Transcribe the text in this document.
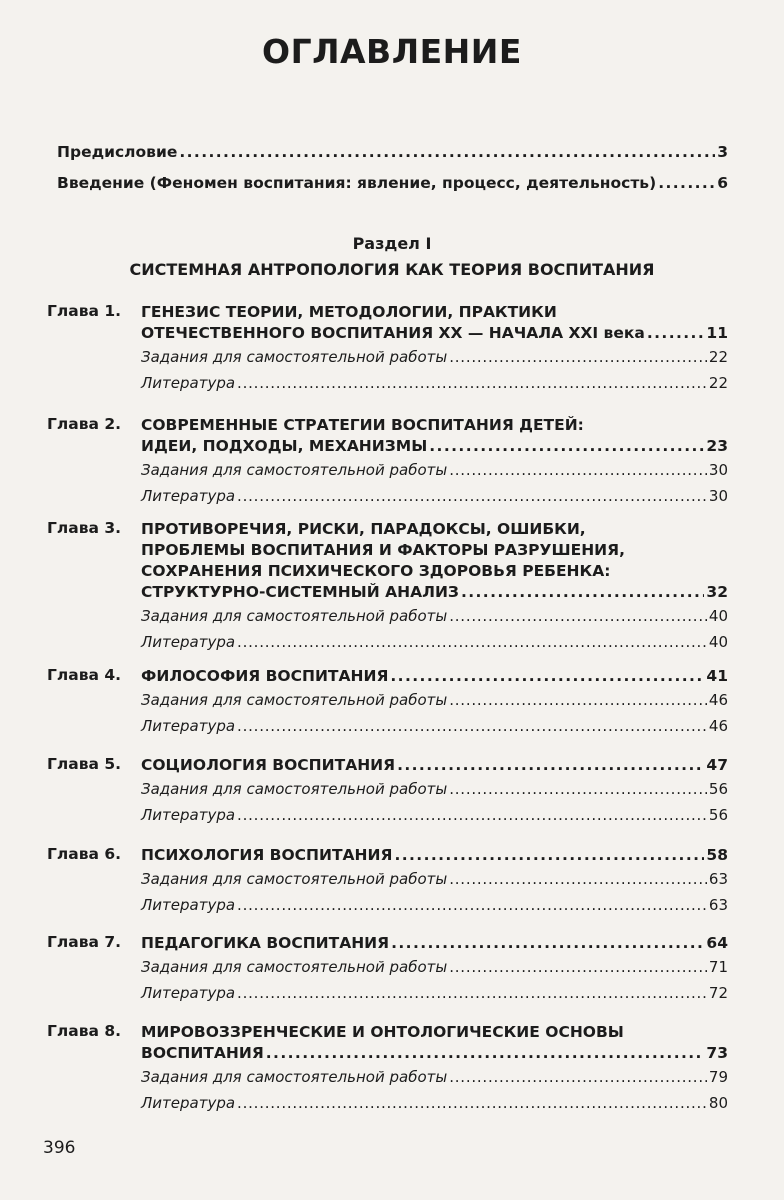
ОГЛАВЛЕНИЕ
Предисловие . . .	3
Введение (Феномен воспитания: явление, процесс, деятельность) . . .	6
Раздел I
СИСТЕМНАЯ АНТРОПОЛОГИЯ КАК ТЕОРИЯ ВОСПИТАНИЯ
Глава 1. ГЕНЕЗИС ТЕОРИИ, МЕТОДОЛОГИИ, ПРАКТИКИ
ОТЕЧЕСТВЕННОГО ВОСПИТАНИЯ XX — НАЧАЛА XXI века . . .	11
Задания для самостоятельной работы . . .	22
Литература . . .	22
Глава 2. СОВРЕМЕННЫЕ СТРАТЕГИИ ВОСПИТАНИЯ ДЕТЕЙ:
ИДЕИ, ПОДХОДЫ, МЕХАНИЗМЫ . . .	23
Задания для самостоятельной работы . . .	30
Литература . . .	30
Глава 3. ПРОТИВОРЕЧИЯ, РИСКИ, ПАРАДОКСЫ, ОШИБКИ,
ПРОБЛЕМЫ ВОСПИТАНИЯ И ФАКТОРЫ РАЗРУШЕНИЯ,
СОХРАНЕНИЯ ПСИХИЧЕСКОГО ЗДОРОВЬЯ РЕБЕНКА:
СТРУКТУРНО-СИСТЕМНЫЙ АНАЛИЗ . . .	32
Задания для самостоятельной работы . . .	40
Литература . . .	40
Глава 4. ФИЛОСОФИЯ ВОСПИТАНИЯ . . .	41
Задания для самостоятельной работы . . .	46
Литература . . .	46
Глава 5. СОЦИОЛОГИЯ ВОСПИТАНИЯ . . .	47
Задания для самостоятельной работы . . .	56
Литература . . .	56
Глава 6. ПСИХОЛОГИЯ ВОСПИТАНИЯ . . .	58
Задания для самостоятельной работы . . .	63
Литература . . .	63
Глава 7. ПЕДАГОГИКА ВОСПИТАНИЯ . . .	64
Задания для самостоятельной работы . . .	71
Литература . . .	72
Глава 8. МИРОВОЗЗРЕНЧЕСКИЕ И ОНТОЛОГИЧЕСКИЕ ОСНОВЫ
ВОСПИТАНИЯ . . .	73
Задания для самостоятельной работы . . .	79
Литература . . .	80
396
